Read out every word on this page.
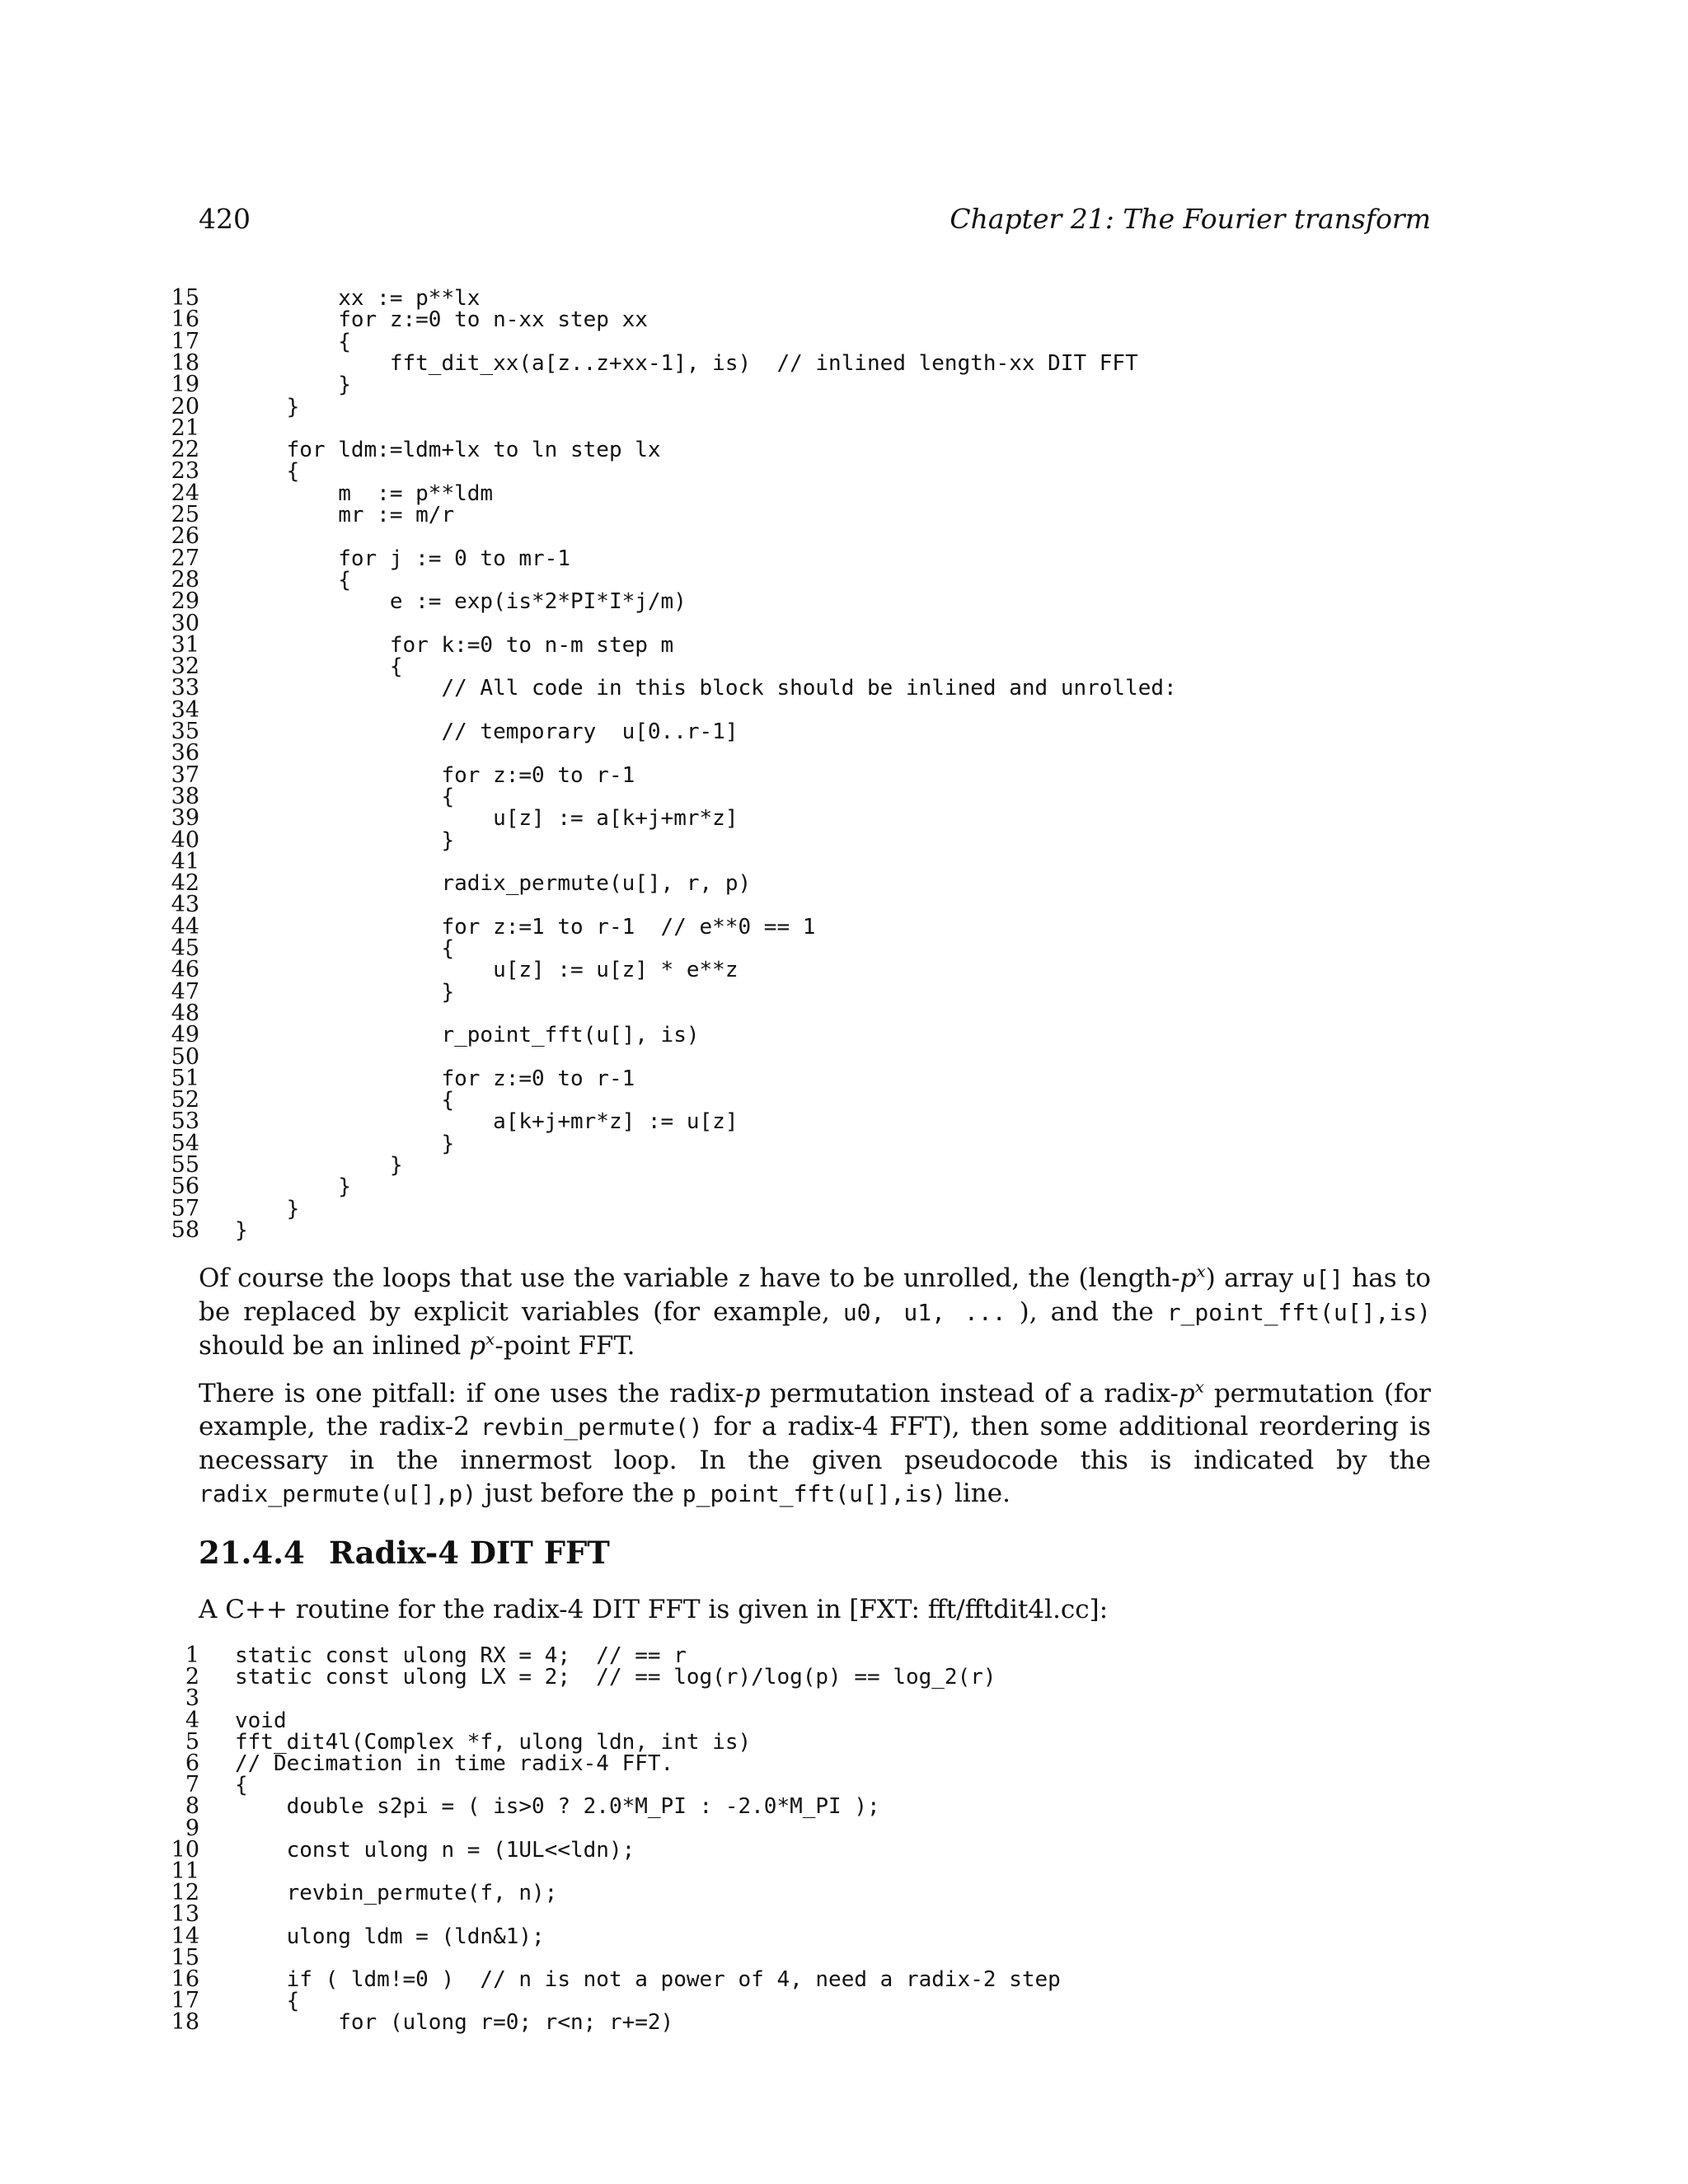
420	Chapter 21: The Fourier transform
15 xx := p**lx
16 for z:=0 to n-xx step xx
17 {
18 fft_dit_xx(a[z..z+xx-1], is)  // inlined length-xx DIT FFT
19 }
20 }
21
22 for ldm:=ldm+lx to ln step lx
23 {
24 m  := p**ldm
25 mr := m/r
26
27 for j := 0 to mr-1
28 {
29 e := exp(is*2*PI*I*j/m)
30
31 for k:=0 to n-m step m
32 {
33 // All code in this block should be inlined and unrolled:
34
35 // temporary  u[0..r-1]
36
37 for z:=0 to r-1
38 {
39 u[z] := a[k+j+mr*z]
40 }
41
42 radix_permute(u[], r, p)
43
44 for z:=1 to r-1  // e**0 == 1
45 {
46 u[z] := u[z] * e**z
47 }
48
49 r_point_fft(u[], is)
50
51 for z:=0 to r-1
52 {
53 a[k+j+mr*z] := u[z]
54 }
55 }
56 }
57 }
58 }

Of course the loops that use the variable z have to be unrolled, the $(length-p^x)$ array u[] has to be replaced by explicit variables (for example, u0, u1, ... ), and the r_point_fft(u[],is) should be an inlined $p^x$-point FFT.

There is one pitfall: if one uses the radix-p permutation instead of a radix-$p^x$ permutation (for example, the radix-2 revbin_permute() for a radix-4 FFT), then some additional reordering is necessary in the innermost loop. In the given pseudocode this is indicated by the radix_permute(u[],p) just before the p_point_fft(u[],is) line.

21.4.4 Radix-4 DIT FFT

A C++ routine for the radix-4 DIT FFT is given in [FXT: fft/fftdit4l.cc]:

1 static const ulong RX = 4;  // == r
2 static const ulong LX = 2;  // == log(r)/log(p) == log_2(r)
3
4 void
5 fft_dit4l(Complex *f, ulong ldn, int is)
6 // Decimation in time radix-4 FFT.
7 {
8 double s2pi = ( is>0 ? 2.0*M_PI : -2.0*M_PI );
9
10 const ulong n = (1UL<<ldn);
11
12 revbin_permute(f, n);
13
14 ulong ldm = (ldn&1);
15
16 if ( ldm!=0 )  // n is not a power of 4, need a radix-2 step
17 {
18 for (ulong r=0; r<n; r+=2)
